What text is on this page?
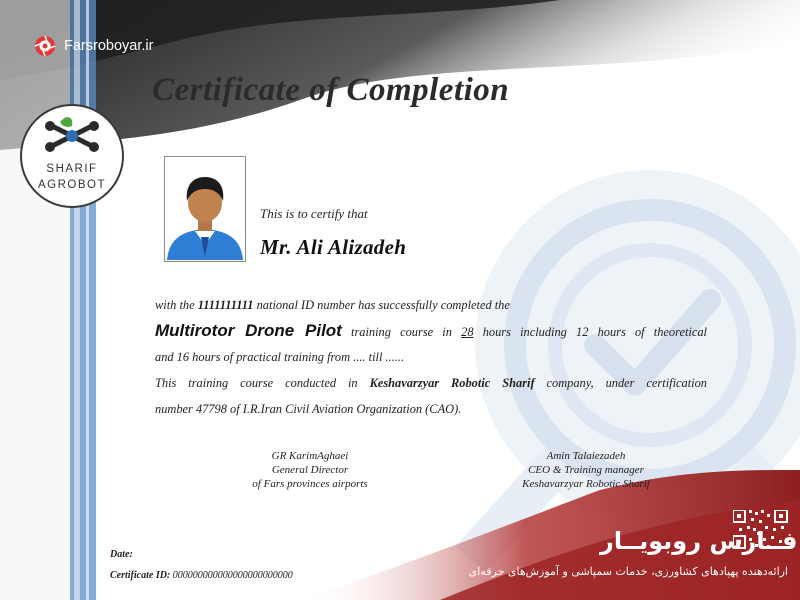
Farsroboyar.ir
SHARIF
AGROBOT
Certificate of Completion
This is to certify that
Mr. Ali Alizadeh
with the 1111111111 national ID number has successfully completed the
Multirotor Drone Pilot training course in 28 hours including 12 hours of theoretical
and 16 hours of practical training from .... till ......
This training course conducted in Keshavarzyar Robotic Sharif company, under certification
number 47798 of I.R.Iran Civil Aviation Organization (CAO).
GR KarimAghaei
General Director
of Fars provinces airports
Amin Talaiezadeh
CEO & Training manager
Keshavarzyar Robotic Sharif
Date:
Certificate ID: 000000000000000000000000
فــارس روبویــار
ارائه‌دهنده پهپادهای کشاورزی، خدمات سمپاشی و آموزش‌های حرفه‌ای
